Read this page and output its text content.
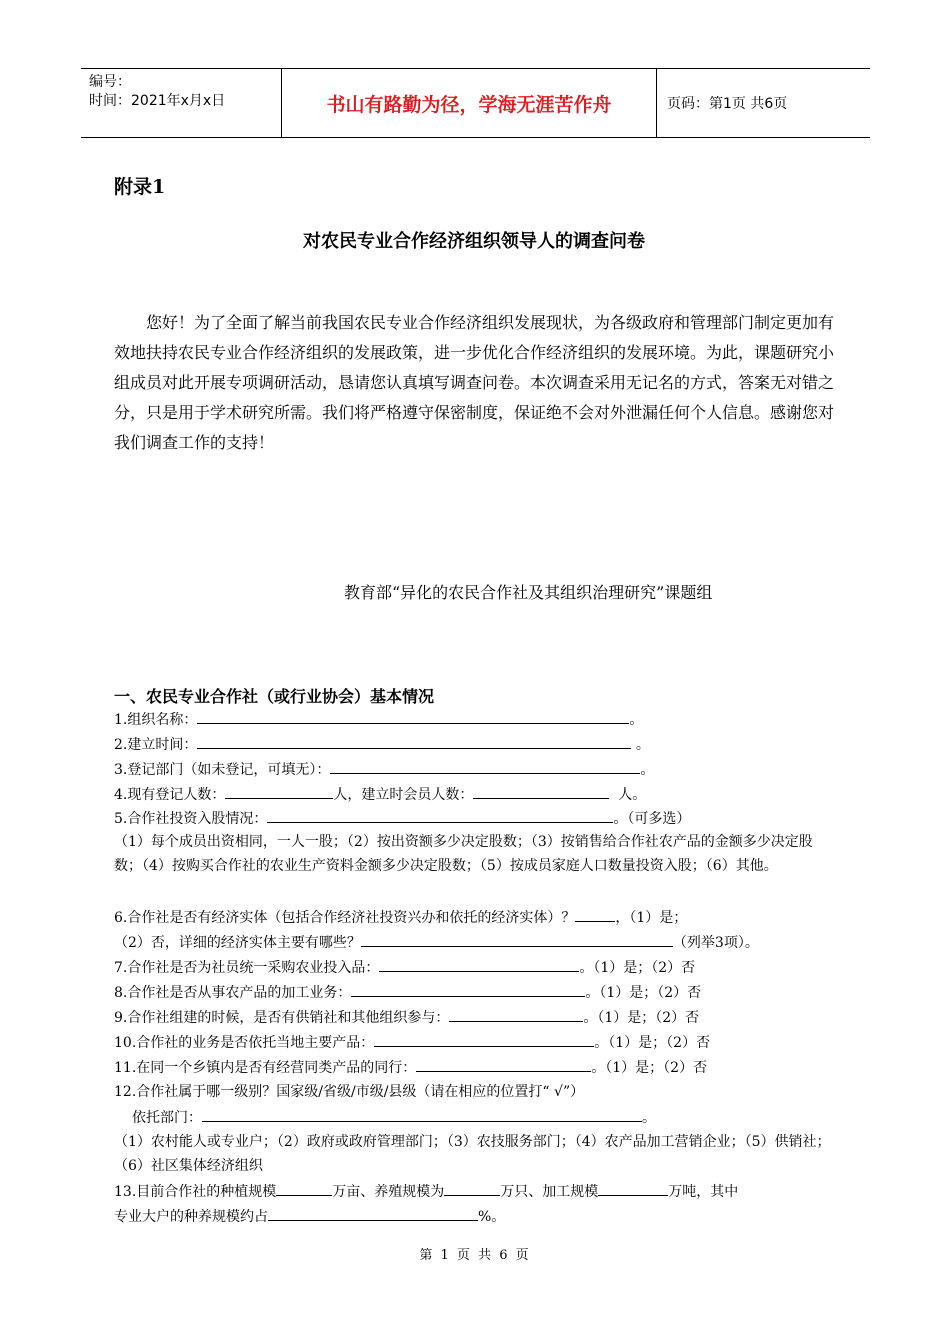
编号：
时间：2021年x月x日	书山有路勤为径，学海无涯苦作舟	页码：第1页 共6页
附录1
对农民专业合作经济组织领导人的调查问卷

您好！为了全面了解当前我国农民专业合作经济组织发展现状，为各级政府和管理部门制定更加有效地扶持农民专业合作经济组织的发展政策，进一步优化合作经济组织的发展环境。为此，课题研究小组成员对此开展专项调研活动，恳请您认真填写调查问卷。本次调查采用无记名的方式，答案无对错之分，只是用于学术研究所需。我们将严格遵守保密制度，保证绝不会对外泄漏任何个人信息。感谢您对我们调查工作的支持！

教育部“异化的农民合作社及其组织治理研究”课题组
一、农民专业合作社（或行业协会）基本情况
1.组织名称：	。
2.建立时间：	。
3.登记部门（如未登记，可填无）：	。
4.现有登记人数：	人，建立时会员人数：	人。
5.合作社投资入股情况：	。（可多选）
（1）每个成员出资相同，一人一股；（2）按出资额多少决定股数；（3）按销售给合作社农产品的金额多少决定股数；（4）按购买合作社的农业生产资料金额多少决定股数；（5）按成员家庭人口数量投资入股；（6）其他。
6.合作社是否有经济实体（包括合作经济社投资兴办和依托的经济实体）？	，（1）是；
（2）否，详细的经济实体主要有哪些？	（列举3项）。
7.合作社是否为社员统一采购农业投入品：	。（1）是；（2）否
8.合作社是否从事农产品的加工业务：	。（1）是；（2）否
9.合作社组建的时候，是否有供销社和其他组织参与：	。（1）是；（2）否
10.合作社的业务是否依托当地主要产品：	。（1）是；（2）否
11.在同一个乡镇内是否有经营同类产品的同行：	。（1）是；（2）否
12.合作社属于哪一级别？国家级/省级/市级/县级（请在相应的位置打“ √”）
依托部门：	。
（1）农村能人或专业户；（2）政府或政府管理部门；（3）农技服务部门；（4）农产品加工营销企业；（5）供销社；（6）社区集体经济组织
13.目前合作社的种植规模	万亩、养殖规模为	万只、加工规模	万吨，其中
专业大户的种养规模约占	%。
第 1 页 共 6 页
